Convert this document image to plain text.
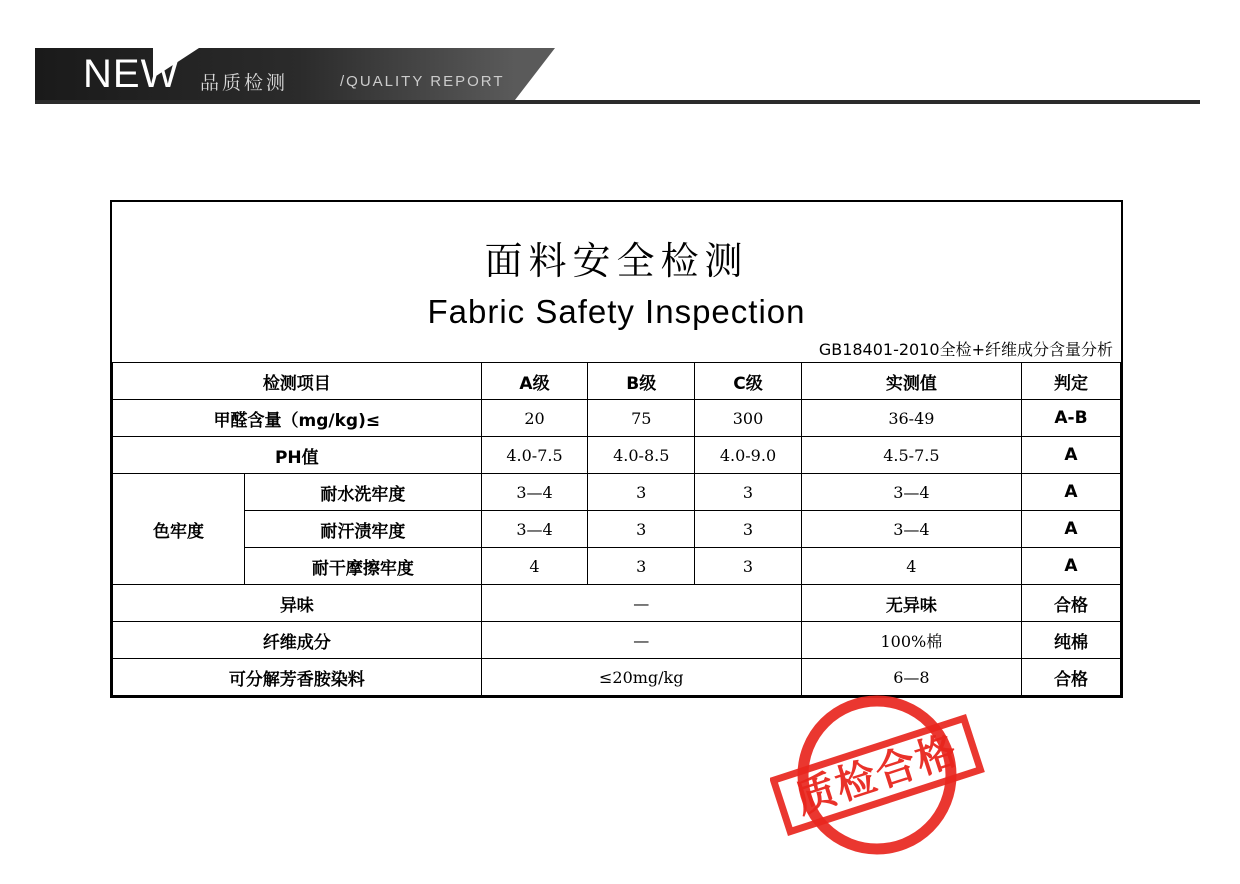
NEW 品质检测	/QUALITY REPORT
面料安全检测
Fabric Safety Inspection
GB18401-2010全检+纤维成分含量分析
检测项目		A级	B级	C级	实测值	判定
甲醛含量（mg/kg)≤		20	75	300	36-49	A-B
PH值		4.0-7.5	4.0-8.5	4.0-9.0	4.5-7.5	A
色牢度	耐水洗牢度	3—4	3	3	3—4	A
	耐汗渍牢度	3—4	3	3	3—4	A
	耐干摩擦牢度	4	3	3	4	A
异味		—			无异味	合格
纤维成分		—			100%棉	纯棉
可分解芳香胺染料		≤20mg/kg			6—8	合格
质检合格
